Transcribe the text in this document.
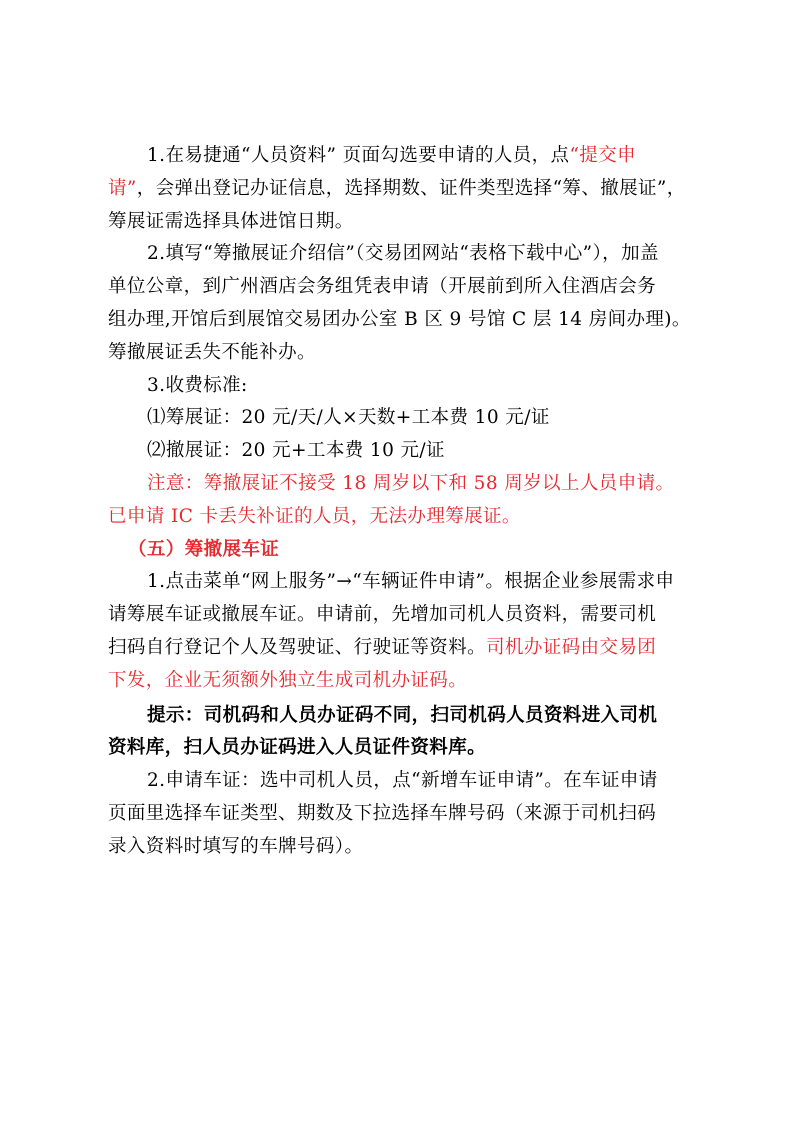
1.在易捷通“人员资料” 页面勾选要申请的人员，点“提交申
请”，会弹出登记办证信息，选择期数、证件类型选择“筹、撤展证”，
筹展证需选择具体进馆日期。
2.填写“筹撤展证介绍信”（交易团网站“表格下载中心”），加盖
单位公章，到广州酒店会务组凭表申请（开展前到所入住酒店会务
组办理,开馆后到展馆交易团办公室 B 区 9 号馆 C 层 14 房间办理)。
筹撤展证丢失不能补办。
3.收费标准:
⑴筹展证：20 元/天/人×天数+工本费 10 元/证
⑵撤展证：20 元+工本费 10 元/证
注意：筹撤展证不接受 18 周岁以下和 58 周岁以上人员申请。
已申请 IC 卡丢失补证的人员，无法办理筹展证。
（五）筹撤展车证
1.点击菜单“网上服务”→“车辆证件申请”。根据企业参展需求申
请筹展车证或撤展车证。申请前，先增加司机人员资料，需要司机
扫码自行登记个人及驾驶证、行驶证等资料。司机办证码由交易团
下发，企业无须额外独立生成司机办证码。
提示：司机码和人员办证码不同，扫司机码人员资料进入司机
资料库，扫人员办证码进入人员证件资料库。
2.申请车证：选中司机人员，点“新增车证申请”。在车证申请
页面里选择车证类型、期数及下拉选择车牌号码（来源于司机扫码
录入资料时填写的车牌号码）。
